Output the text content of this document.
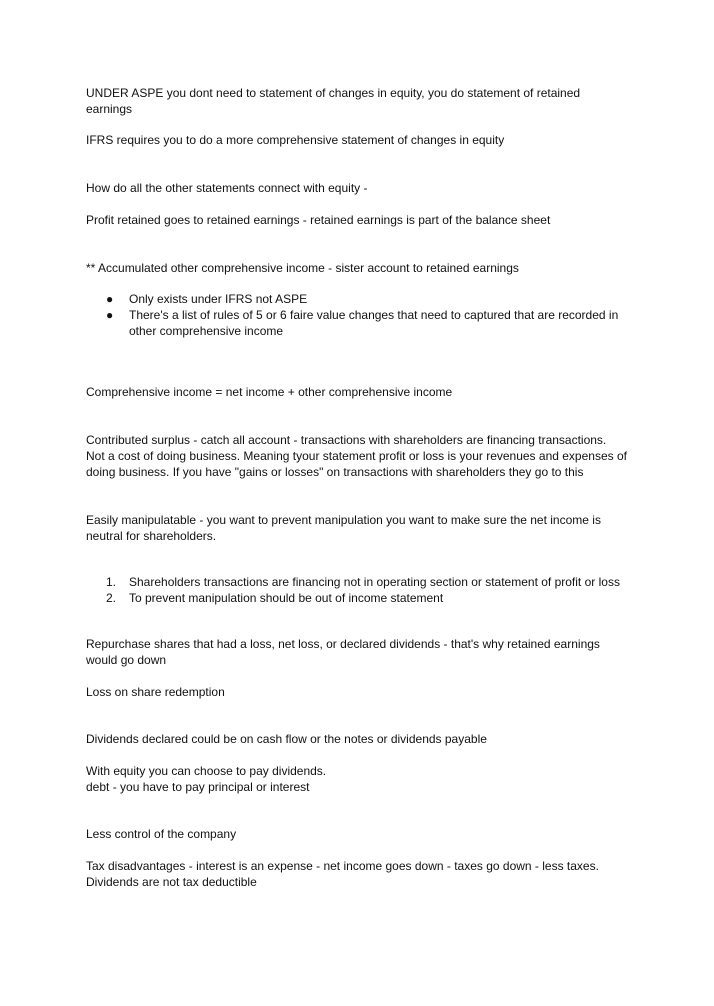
UNDER ASPE you dont need to statement of changes in equity, you do statement of retained
earnings

IFRS requires you to do a more comprehensive statement of changes in equity

How do all the other statements connect with equity -

Profit retained goes to retained earnings - retained earnings is part of the balance sheet

** Accumulated other comprehensive income - sister account to retained earnings

●	Only exists under IFRS not ASPE
●	There's a list of rules of 5 or 6 faire value changes that need to captured that are recorded in
other comprehensive income

Comprehensive income = net income + other comprehensive income

Contributed surplus - catch all account - transactions with shareholders are financing transactions.
Not a cost of doing business. Meaning tyour statement profit or loss is your revenues and expenses of
doing business. If you have "gains or losses" on transactions with shareholders they go to this

Easily manipulatable - you want to prevent manipulation you want to make sure the net income is
neutral for shareholders.

1.	Shareholders transactions are financing not in operating section or statement of profit or loss
2.	To prevent manipulation should be out of income statement

Repurchase shares that had a loss, net loss, or declared dividends - that's why retained earnings
would go down

Loss on share redemption

Dividends declared could be on cash flow or the notes or dividends payable

With equity you can choose to pay dividends.
debt - you have to pay principal or interest

Less control of the company

Tax disadvantages - interest is an expense - net income goes down - taxes go down - less taxes.
Dividends are not tax deductible
